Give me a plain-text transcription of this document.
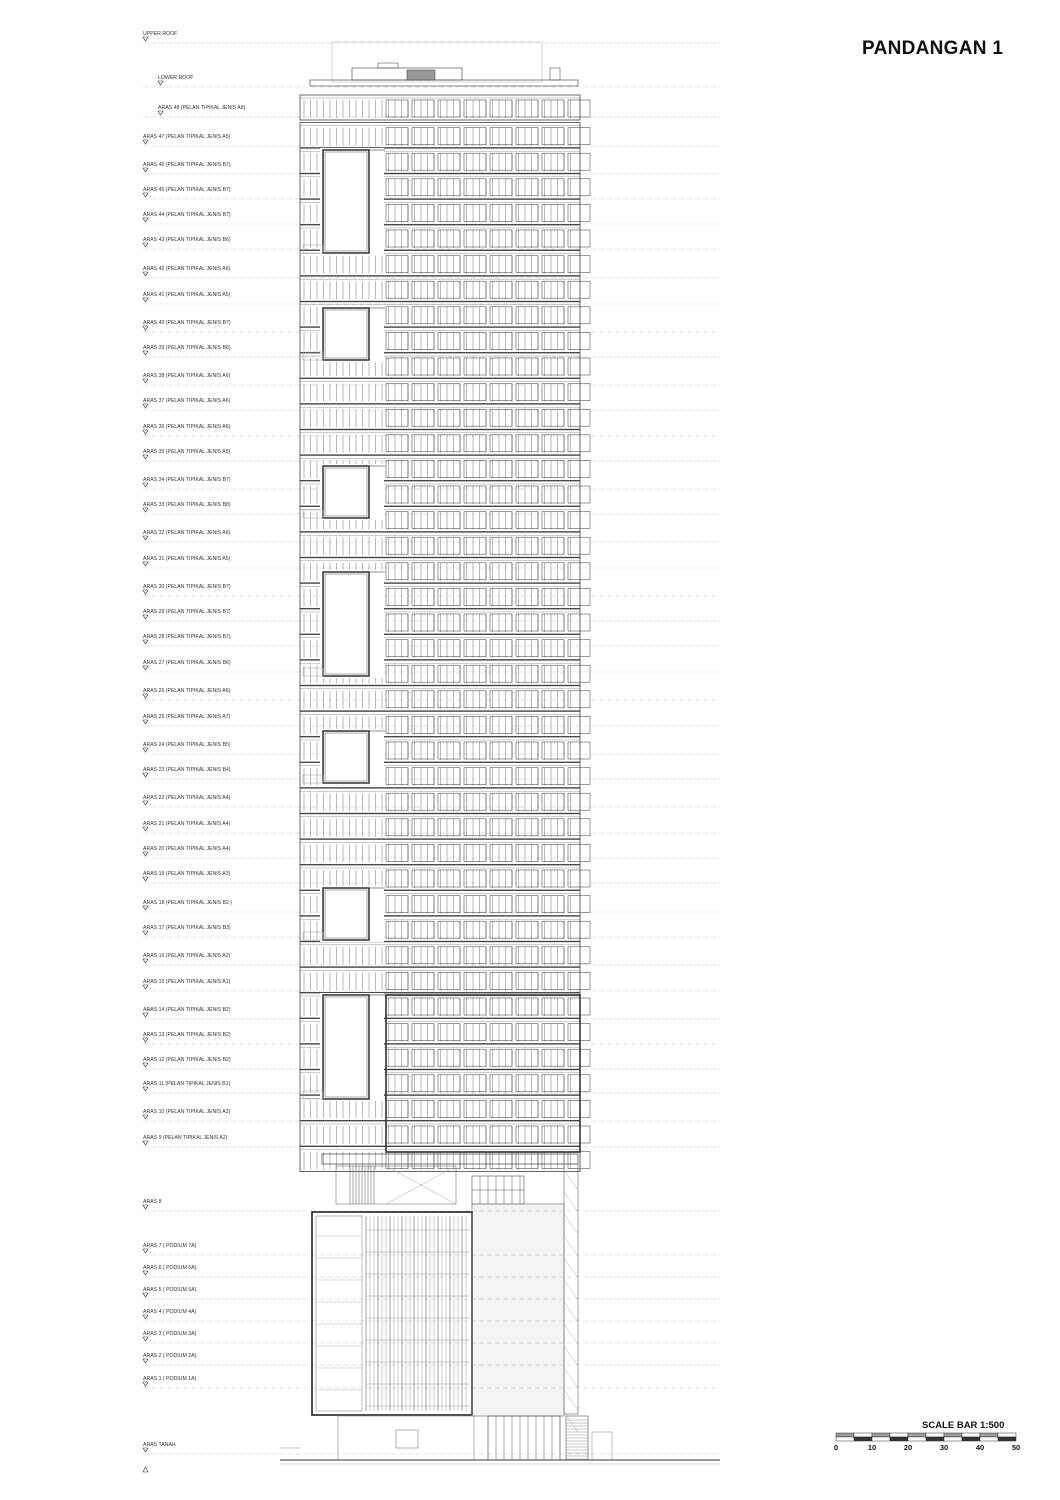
PANDANGAN 1
SCALE BAR 1:500
UPPER ROOF
LOWER ROOF
ARAS 48 (PELAN TIPIKAL JENIS A8)
ARAS 47 (PELAN TIPIKAL JENIS A5)
ARAS 46 (PELAN TIPIKAL JENIS B7)
ARAS 45 (PELAN TIPIKAL JENIS B7)
ARAS 44 (PELAN TIPIKAL JENIS B7)
ARAS 43 (PELAN TIPIKAL JENIS B6)
ARAS 42 (PELAN TIPIKAL JENIS A6)
ARAS 41 (PELAN TIPIKAL JENIS A5)
ARAS 40 (PELAN TIPIKAL JENIS B7)
ARAS 39 (PELAN TIPIKAL JENIS B6)
ARAS 38 (PELAN TIPIKAL JENIS A6)
ARAS 37 (PELAN TIPIKAL JENIS A6)
ARAS 36 (PELAN TIPIKAL JENIS A6)
ARAS 35 (PELAN TIPIKAL JENIS A5)
ARAS 34 (PELAN TIPIKAL JENIS B7)
ARAS 33 (PELAN TIPIKAL JENIS B8)
ARAS 32 (PELAN TIPIKAL JENIS A6)
ARAS 31 (PELAN TIPIKAL JENIS A5)
ARAS 30 (PELAN TIPIKAL JENIS B7)
ARAS 29 (PELAN TIPIKAL JENIS B7)
ARAS 28 (PELAN TIPIKAL JENIS B7)
ARAS 27 (PELAN TIPIKAL JENIS B6)
ARAS 26 (PELAN TIPIKAL JENIS A6)
ARAS 25 (PELAN TIPIKAL JENIS A7)
ARAS 24 (PELAN TIPIKAL JENIS B5)
ARAS 23 (PELAN TIPIKAL JENIS B4)
ARAS 22 (PELAN TIPIKAL JENIS A4)
ARAS 21 (PELAN TIPIKAL JENIS A4)
ARAS 20 (PELAN TIPIKAL JENIS A4)
ARAS 19 (PELAN TIPIKAL JENIS A3)
ARAS 18 (PELAN TIPIKAL JENIS B2 )
ARAS 17 (PELAN TIPIKAL JENIS B3)
ARAS 16 (PELAN TIPIKAL JENIS A2)
ARAS 15 (PELAN TIPIKAL JENIS A1)
ARAS 14 (PELAN TIPIKAL JENIS B2)
ARAS 13 (PELAN TIPIKAL JENIS B2)
ARAS 12 (PELAN TIPIKAL JENIS B2)
ARAS 11 (PELAN TIPIKAL JENIS B1)
ARAS 10 (PELAN TIPIKAL JENIS A2)
ARAS 9 (PELAN TIPIKAL JENIS A2)
ARAS 8
ARAS 7 ( PODIUM 7A)
ARAS 6 ( PODIUM 6A)
ARAS 5 ( PODIUM 5A)
ARAS 4 ( PODIUM 4A)
ARAS 3 ( PODIUM 3A)
ARAS 2 ( PODIUM 2A)
ARAS 1 ( PODIUM 1A)
ARAS TANAH	0	10	20	30	40	50
